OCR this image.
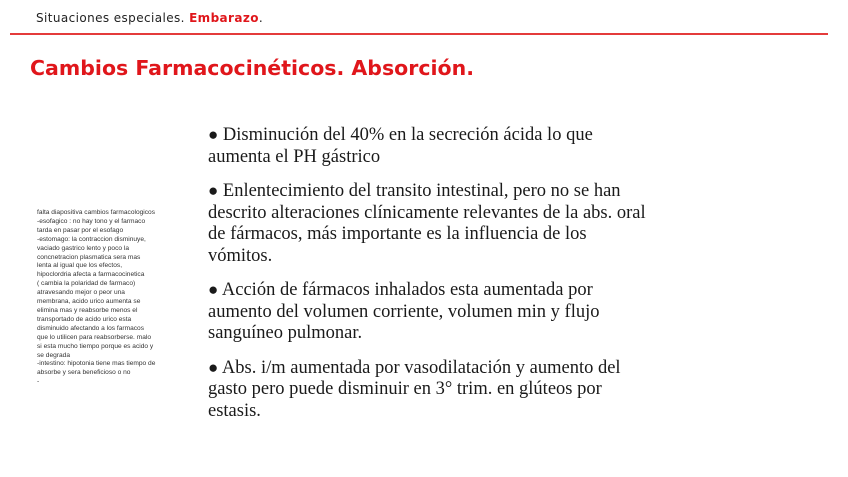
Situaciones especiales. Embarazo.
Cambios Farmacocinéticos. Absorción.
falta diapositiva cambios farmacologicos
-esofagico : no hay tono y el farmaco
tarda en pasar por el esofago
-estomago: la contraccion disminuye,
vaciado gastrico lento y poco la
concnetracion plasmatica sera mas
lenta al igual que los efectos,
hipoclordria afecta a farmacocinetica
( cambia la polaridad de farmaco)
atravesando mejor o peor una
membrana, acido urico aumenta se
elimina mas y reabsorbe menos el
transportado de acido urico esta
disminuido afectando a los farmacos
que lo utilicen para reabsorberse. malo
si esta mucho tiempo porque es acido y
se degrada
-intestino: hipotonia tiene mas tiempo de
absorbe y sera beneficioso o no
-
● Disminución del 40% en la secreción ácida lo que
aumenta el PH gástrico
● Enlentecimiento del transito intestinal, pero no se han
descrito alteraciones clínicamente relevantes de la abs. oral
de fármacos, más importante es la influencia de los
vómitos.
● Acción de fármacos inhalados esta aumentada por
aumento del volumen corriente, volumen min y flujo
sanguíneo pulmonar.
● Abs. i/m aumentada por vasodilatación y aumento del
gasto pero puede disminuir en 3° trim. en glúteos por
estasis.
